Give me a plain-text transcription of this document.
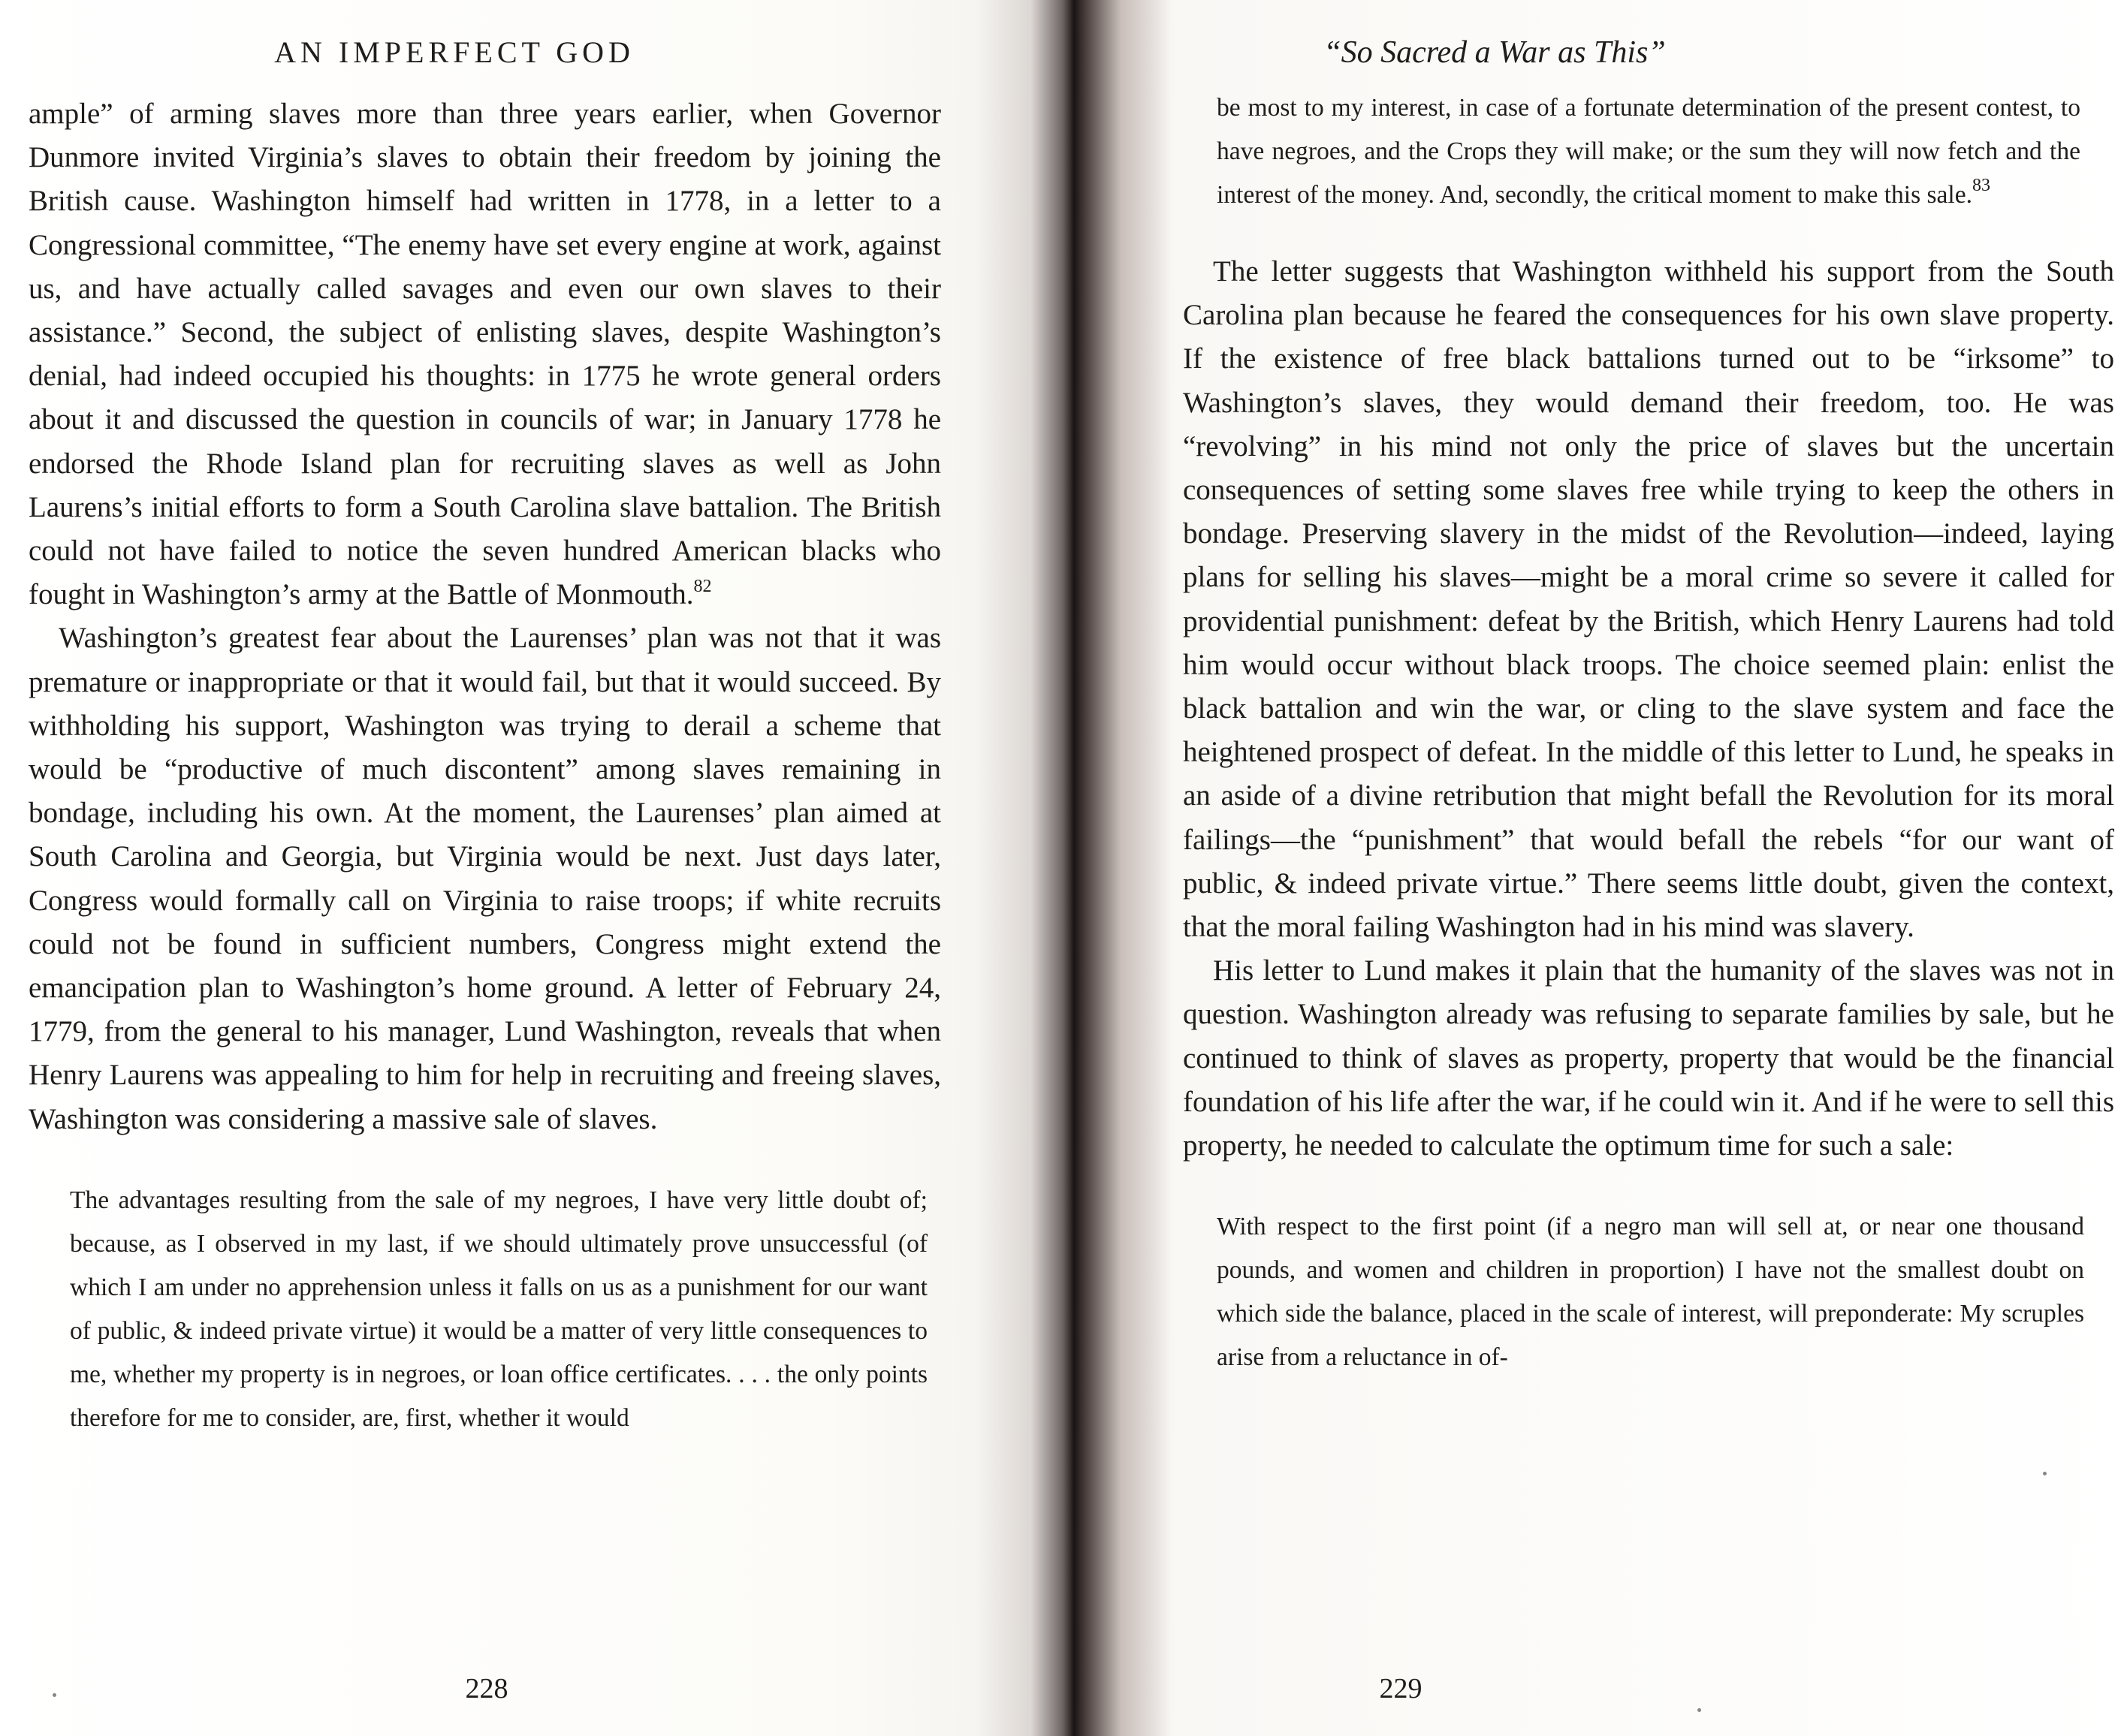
AN IMPERFECT GOD

ample” of arming slaves more than three years earlier, when Governor Dunmore invited Virginia’s slaves to obtain their freedom by joining the British cause. Washington himself had written in 1778, in a letter to a Congressional committee, “The enemy have set every engine at work, against us, and have actually called savages and even our own slaves to their assistance.” Second, the subject of enlisting slaves, despite Washington’s denial, had indeed occupied his thoughts: in 1775 he wrote general orders about it and discussed the question in councils of war; in January 1778 he endorsed the Rhode Island plan for recruiting slaves as well as John Laurens’s initial efforts to form a South Carolina slave battalion. The British could not have failed to notice the seven hundred American blacks who fought in Washington’s army at the Battle of Monmouth.$^{82}$

Washington’s greatest fear about the Laurenses’ plan was not that it was premature or inappropriate or that it would fail, but that it would succeed. By withholding his support, Washington was trying to derail a scheme that would be “productive of much discontent” among slaves remaining in bondage, including his own. At the moment, the Laurenses’ plan aimed at South Carolina and Georgia, but Virginia would be next. Just days later, Congress would formally call on Virginia to raise troops; if white recruits could not be found in sufficient numbers, Congress might extend the emancipation plan to Washington’s home ground. A letter of February 24, 1779, from the general to his manager, Lund Washington, reveals that when Henry Laurens was appealing to him for help in recruiting and freeing slaves, Washington was considering a massive sale of slaves.

The advantages resulting from the sale of my negroes, I have very little doubt of; because, as I observed in my last, if we should ultimately prove unsuccessful (of which I am under no apprehension unless it falls on us as a punishment for our want of public, & indeed private virtue) it would be a matter of very little consequences to me, whether my property is in negroes, or loan office certificates. . . . the only points therefore for me to consider, are, first, whether it would

228
“So Sacred a War as This”

be most to my interest, in case of a fortunate determination of the present contest, to have negroes, and the Crops they will make; or the sum they will now fetch and the interest of the money. And, secondly, the critical moment to make this sale.$^{83}$

The letter suggests that Washington withheld his support from the South Carolina plan because he feared the consequences for his own slave property. If the existence of free black battalions turned out to be “irksome” to Washington’s slaves, they would demand their freedom, too. He was “revolving” in his mind not only the price of slaves but the uncertain consequences of setting some slaves free while trying to keep the others in bondage. Preserving slavery in the midst of the Revolution—indeed, laying plans for selling his slaves—might be a moral crime so severe it called for providential punishment: defeat by the British, which Henry Laurens had told him would occur without black troops. The choice seemed plain: enlist the black battalion and win the war, or cling to the slave system and face the heightened prospect of defeat. In the middle of this letter to Lund, he speaks in an aside of a divine retribution that might befall the Revolution for its moral failings—the “punishment” that would befall the rebels “for our want of public, & indeed private virtue.” There seems little doubt, given the context, that the moral failing Washington had in his mind was slavery.

His letter to Lund makes it plain that the humanity of the slaves was not in question. Washington already was refusing to separate families by sale, but he continued to think of slaves as property, property that would be the financial foundation of his life after the war, if he could win it. And if he were to sell this property, he needed to calculate the optimum time for such a sale:

With respect to the first point (if a negro man will sell at, or near one thousand pounds, and women and children in proportion) I have not the smallest doubt on which side the balance, placed in the scale of interest, will preponderate: My scruples arise from a reluctance in of-

229
